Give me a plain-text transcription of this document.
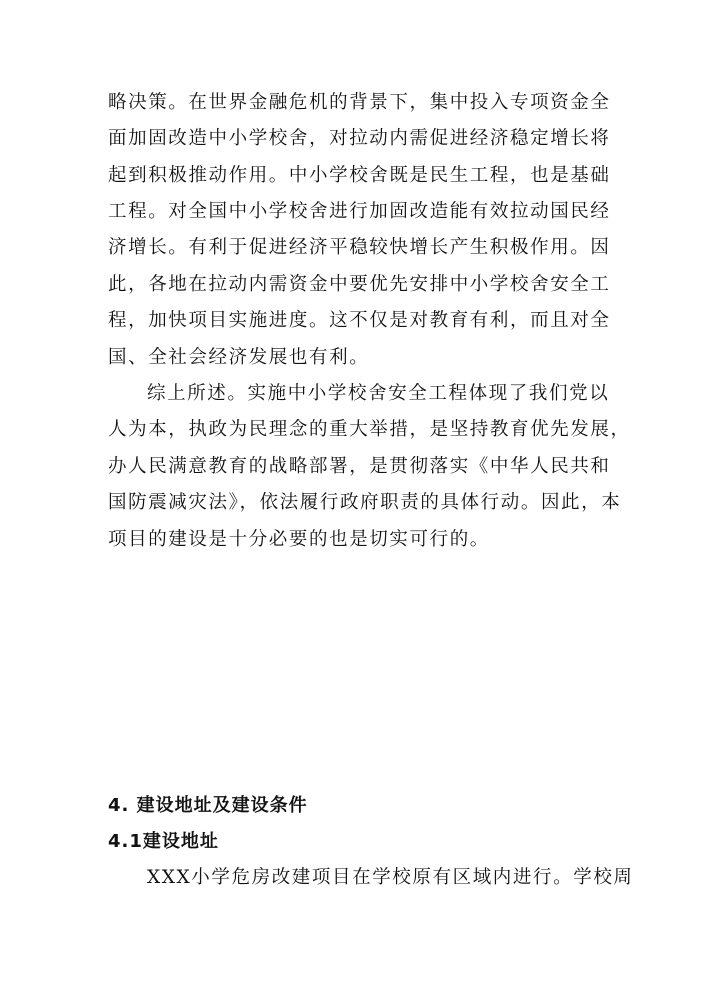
略决策。在世界金融危机的背景下，集中投入专项资金全
面加固改造中小学校舍，对拉动内需促进经济稳定增长将
起到积极推动作用。中小学校舍既是民生工程，也是基础
工程。对全国中小学校舍进行加固改造能有效拉动国民经
济增长。有利于促进经济平稳较快增长产生积极作用。因
此，各地在拉动内需资金中要优先安排中小学校舍安全工
程，加快项目实施进度。这不仅是对教育有利，而且对全
国、全社会经济发展也有利。
综上所述。实施中小学校舍安全工程体现了我们党以
人为本，执政为民理念的重大举措，是坚持教育优先发展，
办人民满意教育的战略部署，是贯彻落实《中华人民共和
国防震减灾法》，依法履行政府职责的具体行动。因此，本
项目的建设是十分必要的也是切实可行的。
4. 建设地址及建设条件
4.1建设地址
XXX小学危房改建项目在学校原有区域内进行。学校周
